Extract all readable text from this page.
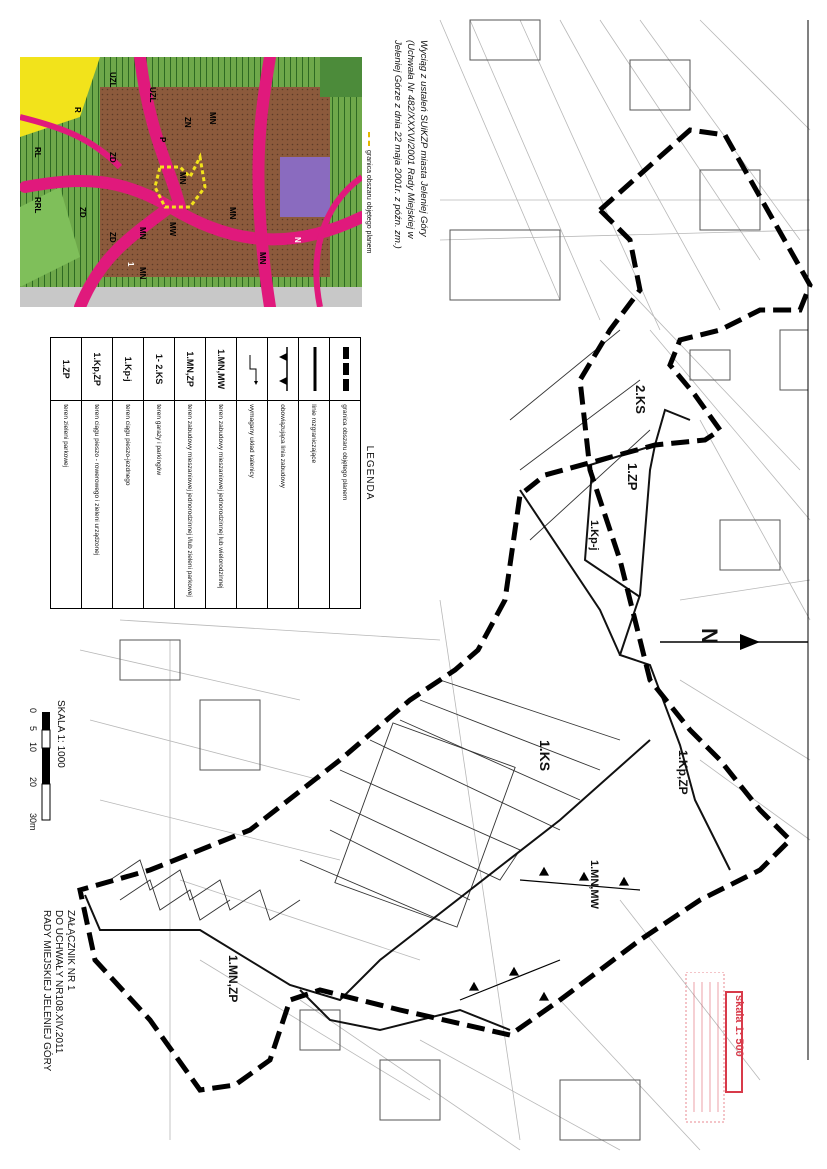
2.KS
1.ZP
1.Kp-j
1.KS	1.Kp,ZP
1.MN,MW
1.MN,ZP
N
UZL
UZL
P
ZN MN
MN
MN
MN
MW
MN
MN
ZD
ZD
ZD
R
RL
RRL
N
1
Wyciąg z ustaleń SUiKZP miasta Jeleniej Góry
(Uchwała Nr 482/XXXVI/2001 Rady Miejskiej w
Jeleniej Górze z dnia 22 maja 2001r. z późn. zm.)
granica obszaru objętego planem
LEGENDA
	granica obszaru objętego planem
	linie rozgraniczające
	obowiązująca linia zabudowy
	wymagany układ kalenicy
1.MN,MW	teren zabudowy mieszaniowej jednorodzinnej lub wielorodzinnej
1.MN,ZP	teren zabudowy mieszaniowej jednorodzinnej i/lub zieleni parkowej
1- 2.KS	teren garaży i parkingów
1.Kp-j	teren ciągu pieszo-jezdnego
1.Kp,ZP	teren ciągu pieszo - rowerowego i zieleni urządzonej
1.ZP	teren zieleni parkowej
SKALA 1: 1000
0
5
10
20
30m
ZAŁĄCZNIK NR 1
DO UCHWAŁY NR108.XIV.2011
RADY MIEJSKIEJ JELENIEJ GÓRY	skala 1: 500
